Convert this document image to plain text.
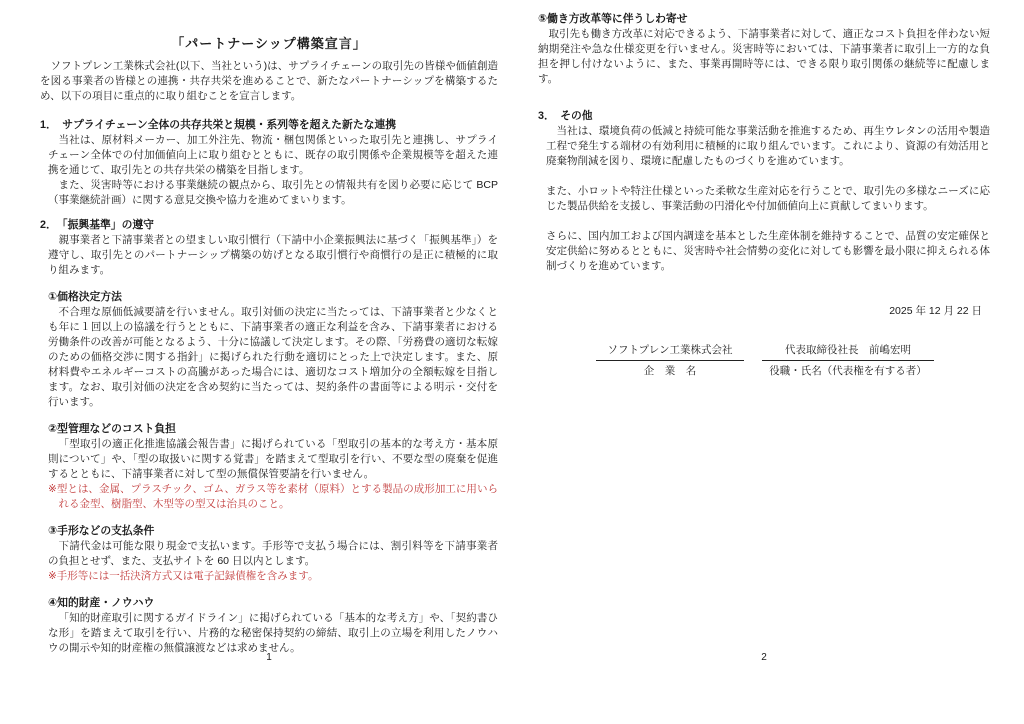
「パートナーシップ構築宣言」

ソフトプレン工業株式会社(以下、当社という)は、サプライチェーンの取引先の皆様や価値創造を図る事業者の皆様との連携・共存共栄を進めることで、新たなパートナーシップを構築するため、以下の項目に重点的に取り組むことを宣言します。

1．　サプライチェーン全体の共存共栄と規模・系列等を超えた新たな連携

当社は、原材料メーカー、加工外注先、物流・梱包関係といった取引先と連携し、サプライチェーン全体での付加価値向上に取り組むとともに、既存の取引関係や企業規模等を超えた連携を通じて、取引先との共存共栄の構築を目指します。

また、災害時等における事業継続の観点から、取引先との情報共有を図り必要に応じて BCP（事業継続計画）に関する意見交換や協力を進めてまいります。

2．　「振興基準」の遵守

親事業者と下請事業者との望ましい取引慣行（下請中小企業振興法に基づく「振興基準」）を遵守し、取引先とのパートナーシップ構築の妨げとなる取引慣行や商慣行の是正に積極的に取り組みます。

①価格決定方法

不合理な原価低減要請を行いません。取引対価の決定に当たっては、下請事業者と少なくとも年に１回以上の協議を行うとともに、下請事業者の適正な利益を含み、下請事業者における労働条件の改善が可能となるよう、十分に協議して決定します。その際、「労務費の適切な転嫁のための価格交渉に関する指針」に掲げられた行動を適切にとった上で決定します。また、原材料費やエネルギーコストの高騰があった場合には、適切なコスト増加分の全額転嫁を目指します。なお、取引対価の決定を含め契約に当たっては、契約条件の書面等による明示・交付を行います。

②型管理などのコスト負担

「型取引の適正化推進協議会報告書」に掲げられている「型取引の基本的な考え方・基本原則について」や、「型の取扱いに関する覚書」を踏まえて型取引を行い、不要な型の廃棄を促進するとともに、下請事業者に対して型の無償保管要請を行いません。

※型とは、金属、プラスチック、ゴム、ガラス等を素材（原料）とする製品の成形加工に用いられる金型、樹脂型、木型等の型又は治具のこと。

③手形などの支払条件

下請代金は可能な限り現金で支払います。手形等で支払う場合には、割引料等を下請事業者の負担とせず、また、支払サイトを 60 日以内とします。

※手形等には一括決済方式又は電子記録債権を含みます。

④知的財産・ノウハウ

「知的財産取引に関するガイドライン」に掲げられている「基本的な考え方」や、「契約書ひな形」を踏まえて取引を行い、片務的な秘密保持契約の締結、取引上の立場を利用したノウハウの開示や知的財産権の無償譲渡などは求めません。

1
⑤働き方改革等に伴うしわ寄せ

取引先も働き方改革に対応できるよう、下請事業者に対して、適正なコスト負担を伴わない短納期発注や急な仕様変更を行いません。災害時等においては、下請事業者に取引上一方的な負担を押し付けないように、また、事業再開時等には、できる限り取引関係の継続等に配慮します。

3．　その他

当社は、環境負荷の低減と持続可能な事業活動を推進するため、再生ウレタンの活用や製造工程で発生する端材の有効利用に積極的に取り組んでいます。これにより、資源の有効活用と廃棄物削減を図り、環境に配慮したものづくりを進めています。

また、小ロットや特注仕様といった柔軟な生産対応を行うことで、取引先の多様なニーズに応じた製品供給を支援し、事業活動の円滑化や付加価値向上に貢献してまいります。

さらに、国内加工および国内調達を基本とした生産体制を維持することで、品質の安定確保と安定供給に努めるとともに、災害時や社会情勢の変化に対しても影響を最小限に抑えられる体制づくりを進めています。

2025 年 12 月 22 日
ソフトプレン工業株式会社
企　業　名
代表取締役社長　前嶋宏明
役職・氏名（代表権を有する者）
2
